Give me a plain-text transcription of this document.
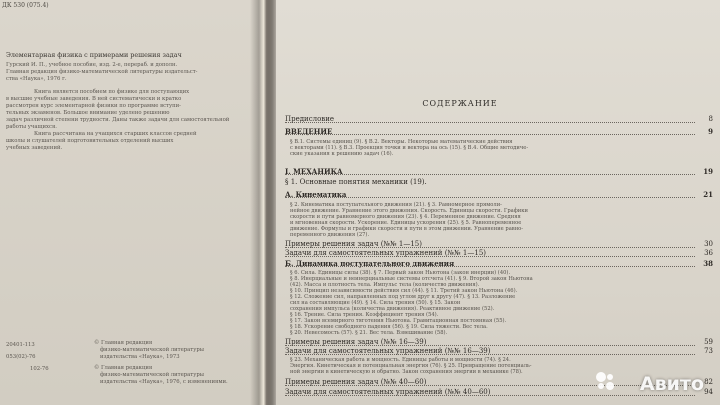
ДК 530 (075.4)
Элементарная физика с примерами решения задач
Гурский И. П., учебное пособие, изд. 2-е, перераб. и дополн.
Главная редакция физико-математической литературы издательст-
ства «Наука», 1976 г.
Книга является пособием по физике для поступающих
в высшие учебные заведения. В ней систематически и кратко
рассмотрен курс элементарной физики по программе вступи-
тельных экзаменов. Большое внимание уделено решению
задач различной степени трудности. Даны также задачи для самостоятельной
работы учащихся.
Книга рассчитана на учащихся старших классов средней
школы и слушателей подготовительных отделений высших
учебных заведений.
20401-113
053(02)-76
102-76
© Главная редакция
физико-математической литературы
издательства «Наука», 1973
© Главная редакция
физико-математической литературы
издательства «Наука», 1976, с изменениями.
СОДЕРЖАНИЕ
Предисловие	8
ВВЕДЕНИЕ	9
§ В.1. Системы единиц (9). § В.2. Векторы. Некоторые математические действия
с векторами (11). § В.3. Проекция точки и вектора на ось (15). § В.4. Общие методиче-
ские указания к решению задач (16).
I. МЕХАНИКА	19
§ 1. Основные понятия механики (19).
А. Кинематика	21
§ 2. Кинематика поступательного движения (21). § 3. Равномерное прямоли-
нейное движение. Уравнение этого движения. Скорость. Единицы скорости. Графики
скорости и пути равномерного движения (23). § 4. Переменное движение. Средняя
и мгновенная скорости. Ускорение. Единицы ускорения (25). § 5. Равнопеременное
движение. Формулы и графики скорости и пути в этом движении. Уравнение равно-
переменного движения (27).
Примеры решения задач (№№ 1—15)	30
Задачи для самостоятельных упражнений (№№ 1—15)	36
Б. Динамика поступательного движения	38
§ 6. Сила. Единицы силы (38). § 7. Первый закон Ньютона (закон инерции) (40).
§ 8. Инерциальные и неинерциальные системы отсчета (41). § 9. Второй закон Ньютона
(42). Масса и плотность тела. Импульс тела (количество движения).
§ 10. Принцип независимости действия сил (44). § 11. Третий закон Ньютона (46).
§ 12. Сложение сил, направленных под углом друг к другу (47). § 13. Разложение
сил на составляющие (49). § 14. Сила трения (50). § 15. Закон
сохранения импульса (количества движения). Реактивное движение (52).
§ 16. Трение. Сила трения. Коэффициент трения (54).
§ 17. Закон всемирного тяготения Ньютона. Гравитационная постоянная (55).
§ 18. Ускорение свободного падения (56). § 19. Сила тяжести. Вес тела.
§ 20. Невесомость (57). § 21. Вес тела. Взвешивание (58).
Примеры решения задач (№№ 16—39)	59
Задачи для самостоятельных упражнений (№№ 16—39)	73
§ 23. Механическая работа и мощность. Единицы работы и мощности (74). § 24.
Энергия. Кинетическая и потенциальная энергия (76). § 25. Превращение потенциаль-
ной энергии в кинетическую и обратно. Закон сохранения энергии в механике (78).
Примеры решения задач (№№ 40—60)	82
Задачи для самостоятельных упражнений (№№ 40—60)	94
Авито
